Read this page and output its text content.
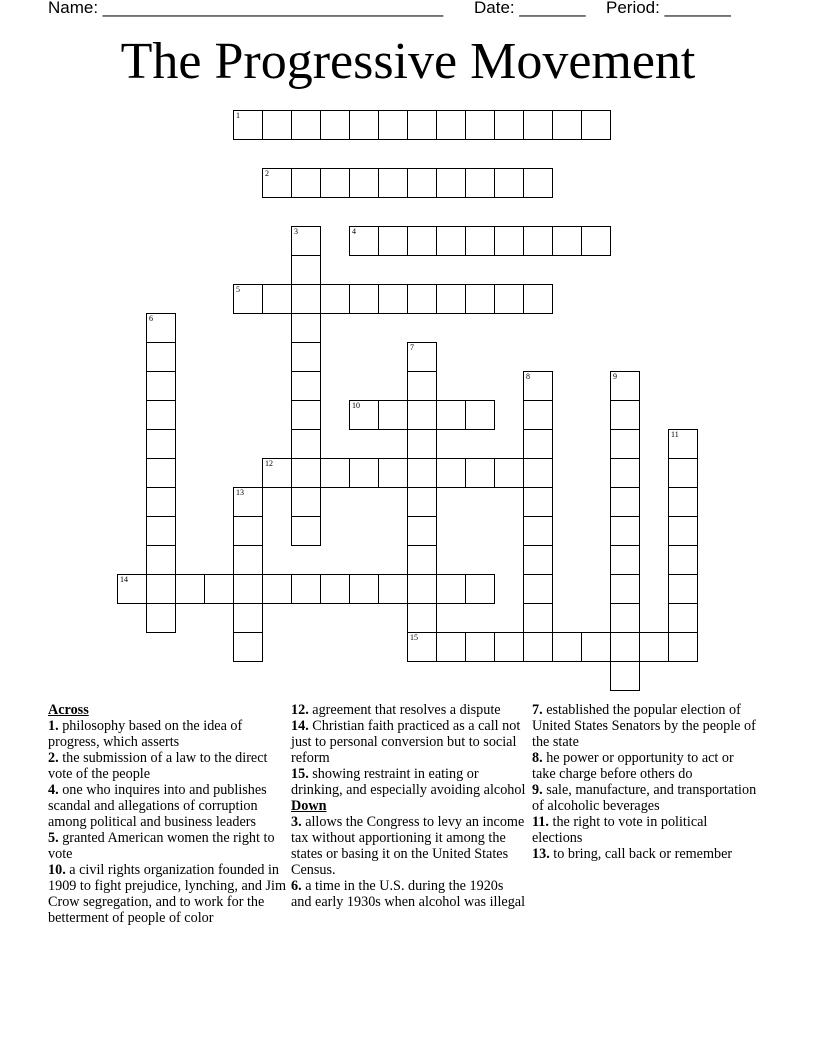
Name: ____________________________________ Date: _______ Period: _______
The Progressive Movement
1
2
3	4
5
6
7
15
8	9
10
11
12
13
14
Across
1. philosophy based on the idea of progress, which asserts
2. the submission of a law to the direct vote of the people
4. one who inquires into and publishes scandal and allegations of corruption among political and business leaders
5. granted American women the right to vote
10. a civil rights organization founded in 1909 to fight prejudice, lynching, and Jim Crow segregation, and to work for the betterment of people of color
12. agreement that resolves a dispute
14. Christian faith practiced as a call not just to personal conversion but to social reform
15. showing restraint in eating or drinking, and especially avoiding alcohol
Down
3. allows the Congress to levy an income tax without apportioning it among the states or basing it on the United States Census.
6. a time in the U.S. during the 1920s and early 1930s when alcohol was illegal
7. established the popular election of United States Senators by the people of the state
8. he power or opportunity to act or take charge before others do
9. sale, manufacture, and transportation of alcoholic beverages
11. the right to vote in political elections
13. to bring, call back or remember
